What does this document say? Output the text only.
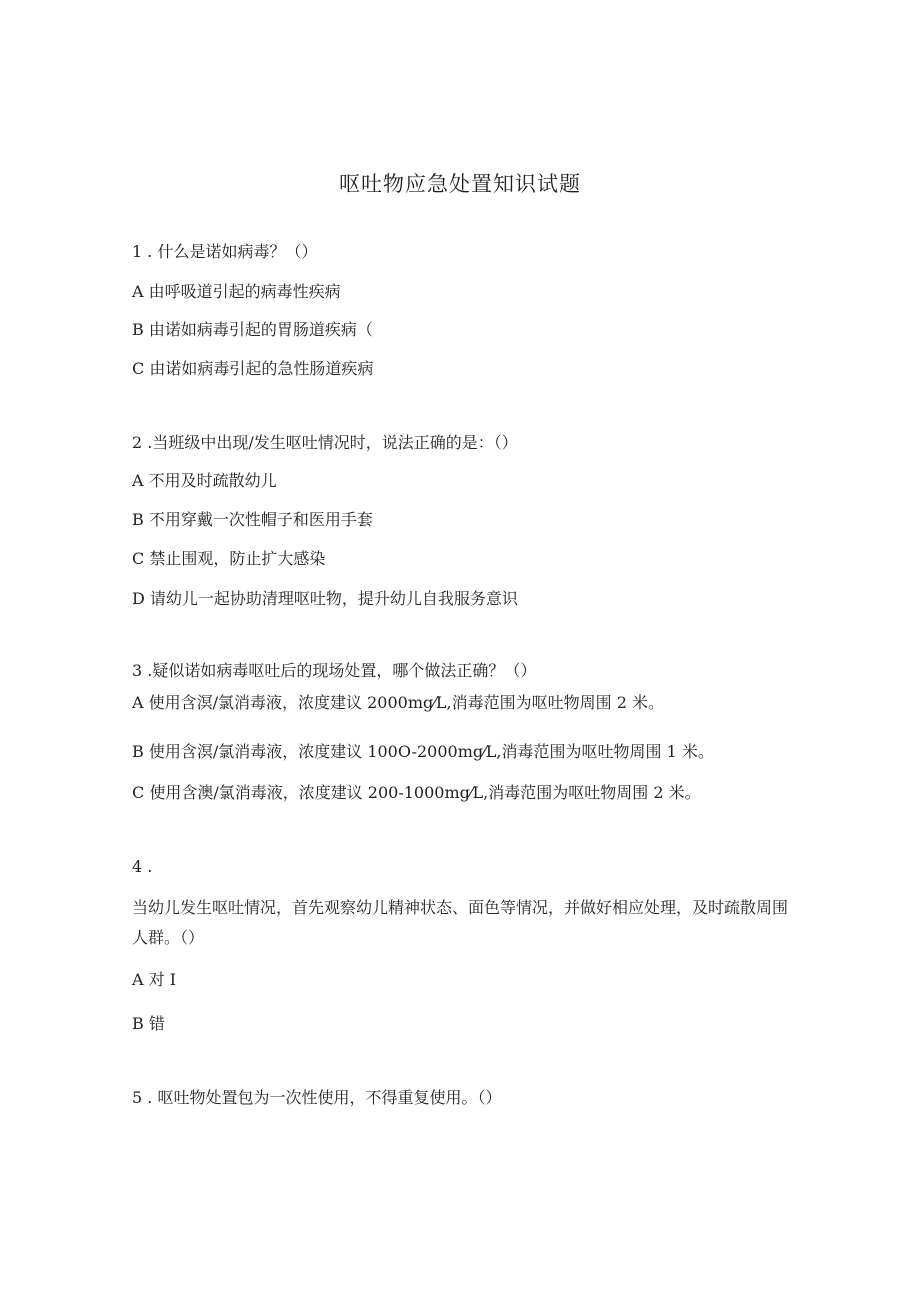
呕吐物应急处置知识试题
1 . 什么是诺如病毒？（）
A 由呼吸道引起的病毒性疾病
B 由诺如病毒引起的胃肠道疾病（
C 由诺如病毒引起的急性肠道疾病
2 .当班级中出现/发生呕吐情况时，说法正确的是：（）
A 不用及时疏散幼儿
B 不用穿戴一次性帽子和医用手套
C 禁止围观，防止扩大感染
D 请幼儿一起协助清理呕吐物，提升幼儿自我服务意识
3 .疑似诺如病毒呕吐后的现场处置，哪个做法正确？（）
A 使用含溟/氯消毒液，浓度建议 2000mg⁄L,消毒范围为呕吐物周围 2 米。
B 使用含溟/氯消毒液，浓度建议 100O-2000mg⁄L,消毒范围为呕吐物周围 1 米。
C 使用含澳/氯消毒液，浓度建议 200-1000mg⁄L,消毒范围为呕吐物周围 2 米。
4 .
当幼儿发生呕吐情况，首先观察幼儿精神状态、面色等情况，并做好相应处理，及时疏散周围人群。（）
A 对 I
B 错
5 . 呕吐物处置包为一次性使用，不得重复使用。（）
